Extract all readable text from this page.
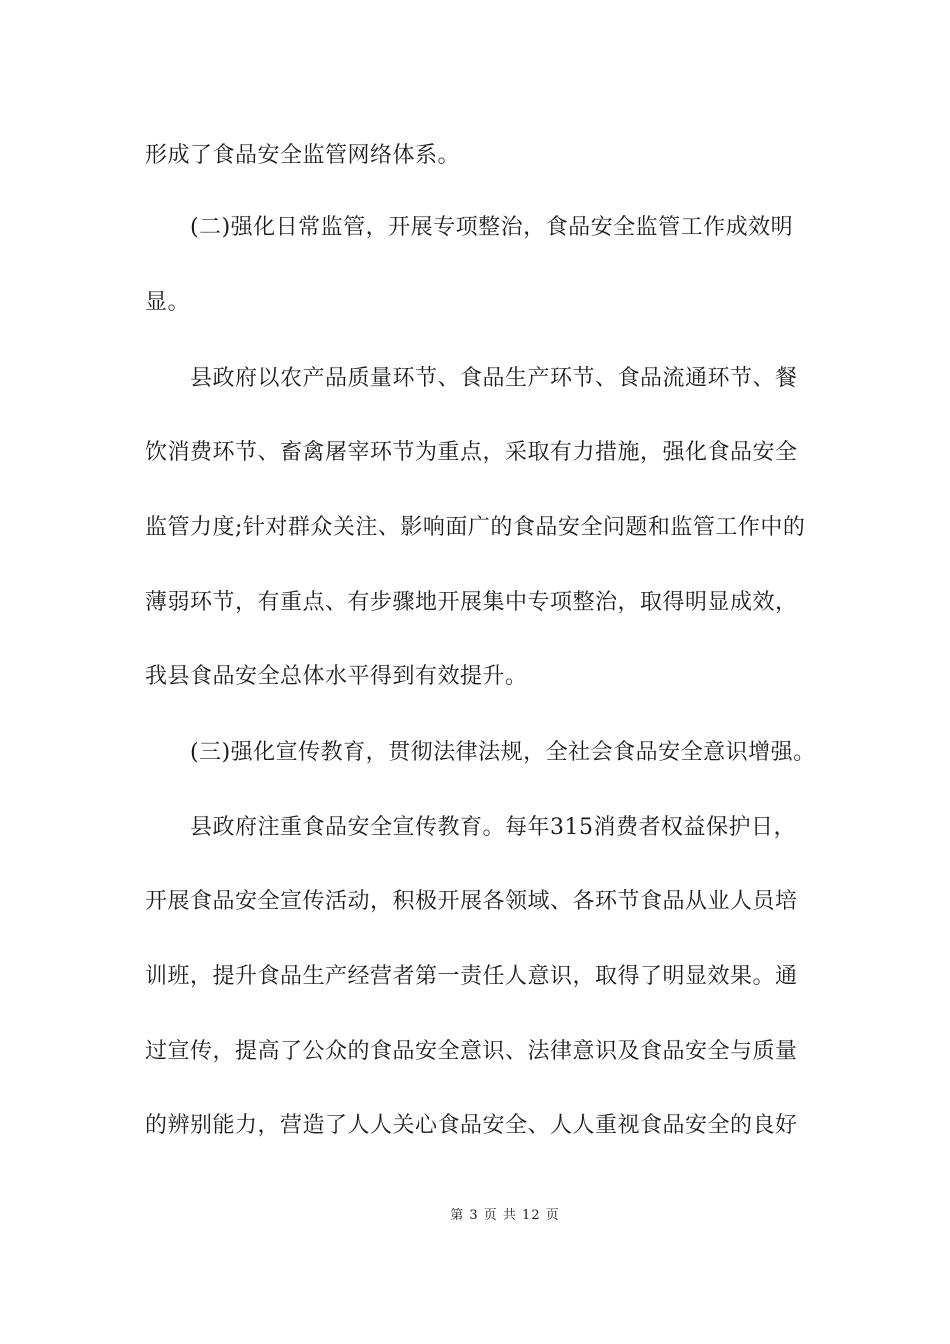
形成了食品安全监管网络体系。
(二)强化日常监管，开展专项整治，食品安全监管工作成效明
显。
县政府以农产品质量环节、食品生产环节、食品流通环节、餐
饮消费环节、畜禽屠宰环节为重点，采取有力措施，强化食品安全
监管力度;针对群众关注、影响面广的食品安全问题和监管工作中的
薄弱环节，有重点、有步骤地开展集中专项整治，取得明显成效，
我县食品安全总体水平得到有效提升。
(三)强化宣传教育，贯彻法律法规，全社会食品安全意识增强。
县政府注重食品安全宣传教育。每年315消费者权益保护日，
开展食品安全宣传活动，积极开展各领域、各环节食品从业人员培
训班，提升食品生产经营者第一责任人意识，取得了明显效果。通
过宣传，提高了公众的食品安全意识、法律意识及食品安全与质量
的辨别能力，营造了人人关心食品安全、人人重视食品安全的良好
第 3 页 共 12 页
